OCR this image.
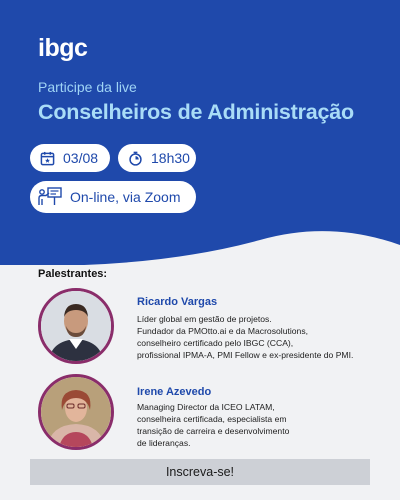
ibgc
Participe da live
Conselheiros de Administração
03/08	18h30
On-line, via Zoom
Palestrantes:
Ricardo Vargas
Líder global em gestão de projetos.
Fundador da PMOtto.ai e da Macrosolutions,
conselheiro certificado pelo IBGC (CCA),
profissional IPMA-A, PMI Fellow e ex-presidente do PMI.
Irene Azevedo
Managing Director da ICEO LATAM,
conselheira certificada, especialista em
transição de carreira e desenvolvimento
de lideranças.
Inscreva-se!
